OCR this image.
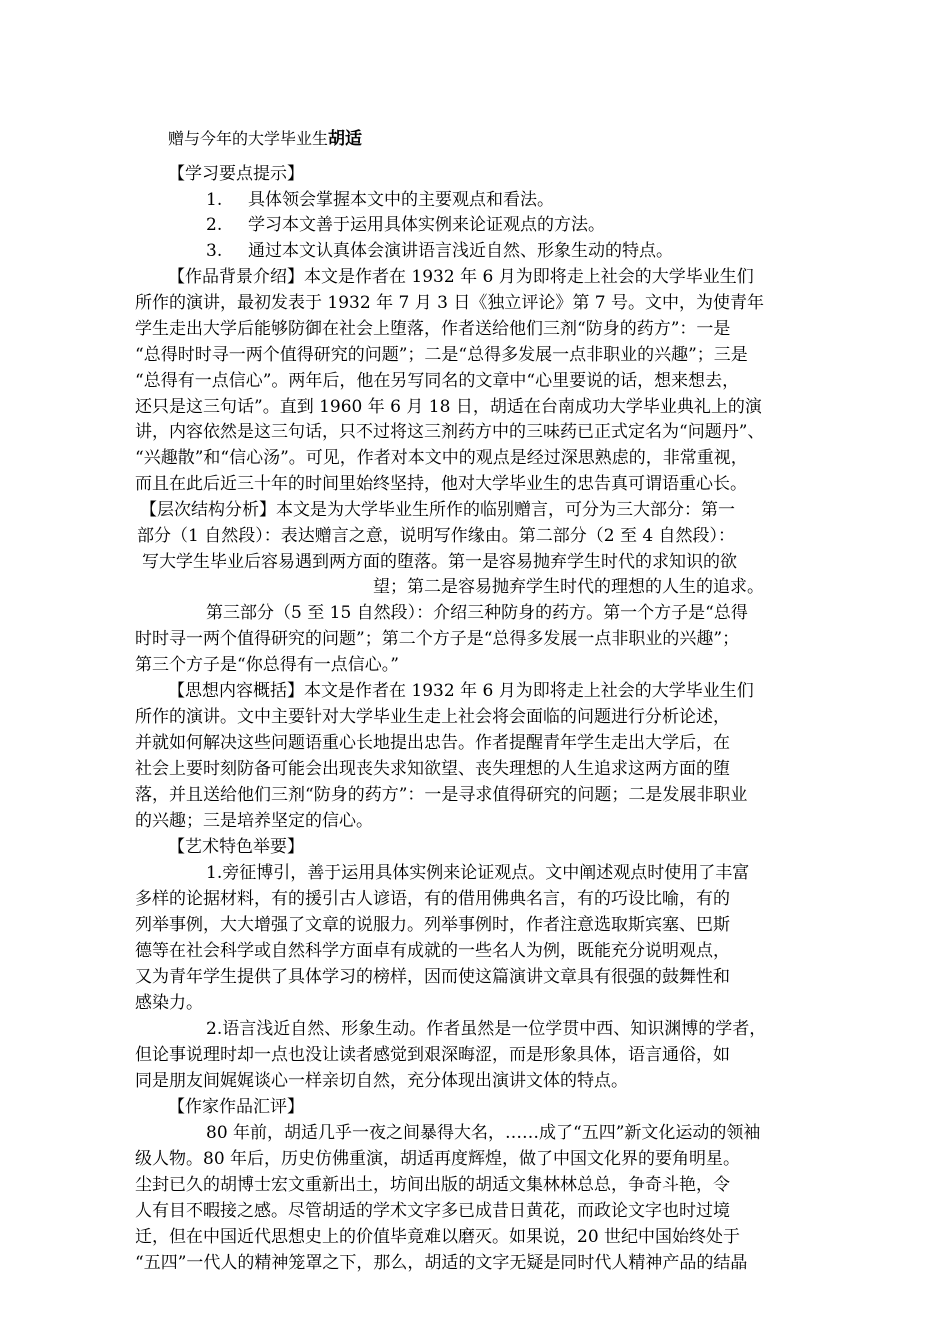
赠与今年的大学毕业生胡适
【学习要点提示】
1. 具体领会掌握本文中的主要观点和看法。
2. 学习本文善于运用具体实例来论证观点的方法。
3. 通过本文认真体会演讲语言浅近自然、形象生动的特点。
【作品背景介绍】本文是作者在 1932 年 6 月为即将走上社会的大学毕业生们
所作的演讲，最初发表于 1932 年 7 月 3 日《独立评论》第 7 号。文中，为使青年
学生走出大学后能够防御在社会上堕落，作者送给他们三剂“防身的药方”：一是
“总得时时寻一两个值得研究的问题”；二是“总得多发展一点非职业的兴趣”；三是
“总得有一点信心”。两年后，他在另写同名的文章中“心里要说的话，想来想去，
还只是这三句话”。直到 1960 年 6 月 18 日，胡适在台南成功大学毕业典礼上的演
讲，内容依然是这三句话，只不过将这三剂药方中的三味药已正式定名为“问题丹”、
“兴趣散”和“信心汤”。可见，作者对本文中的观点是经过深思熟虑的，非常重视，
而且在此后近三十年的时间里始终坚持，他对大学毕业生的忠告真可谓语重心长。
【层次结构分析】本文是为大学毕业生所作的临别赠言，可分为三大部分：第一
部分（1 自然段）：表达赠言之意，说明写作缘由。第二部分（2 至 4 自然段）：
写大学生毕业后容易遇到两方面的堕落。第一是容易抛弃学生时代的求知识的欲
望；第二是容易抛弃学生时代的理想的人生的追求。
第三部分（5 至 15 自然段）：介绍三种防身的药方。第一个方子是“总得
时时寻一两个值得研究的问题”；第二个方子是“总得多发展一点非职业的兴趣”；
第三个方子是“你总得有一点信心。”
【思想内容概括】本文是作者在 1932 年 6 月为即将走上社会的大学毕业生们
所作的演讲。文中主要针对大学毕业生走上社会将会面临的问题进行分析论述，
并就如何解决这些问题语重心长地提出忠告。作者提醒青年学生走出大学后，在
社会上要时刻防备可能会出现丧失求知欲望、丧失理想的人生追求这两方面的堕
落，并且送给他们三剂“防身的药方”：一是寻求值得研究的问题；二是发展非职业
的兴趣；三是培养坚定的信心。
【艺术特色举要】
1.旁征博引，善于运用具体实例来论证观点。文中阐述观点时使用了丰富
多样的论据材料，有的援引古人谚语，有的借用佛典名言，有的巧设比喻，有的
列举事例，大大增强了文章的说服力。列举事例时，作者注意选取斯宾塞、巴斯
德等在社会科学或自然科学方面卓有成就的一些名人为例，既能充分说明观点，
又为青年学生提供了具体学习的榜样，因而使这篇演讲文章具有很强的鼓舞性和
感染力。
2.语言浅近自然、形象生动。作者虽然是一位学贯中西、知识渊博的学者，
但论事说理时却一点也没让读者感觉到艰深晦涩，而是形象具体，语言通俗，如
同是朋友间娓娓谈心一样亲切自然，充分体现出演讲文体的特点。
【作家作品汇评】
80 年前，胡适几乎一夜之间暴得大名，……成了“五四”新文化运动的领袖
级人物。80 年后，历史仿佛重演，胡适再度辉煌，做了中国文化界的要角明星。
尘封已久的胡博士宏文重新出土，坊间出版的胡适文集林林总总，争奇斗艳，令
人有目不暇接之感。尽管胡适的学术文字多已成昔日黄花，而政论文字也时过境
迁，但在中国近代思想史上的价值毕竟难以磨灭。如果说，20 世纪中国始终处于
“五四”一代人的精神笼罩之下，那么，胡适的文字无疑是同时代人精神产品的结晶
